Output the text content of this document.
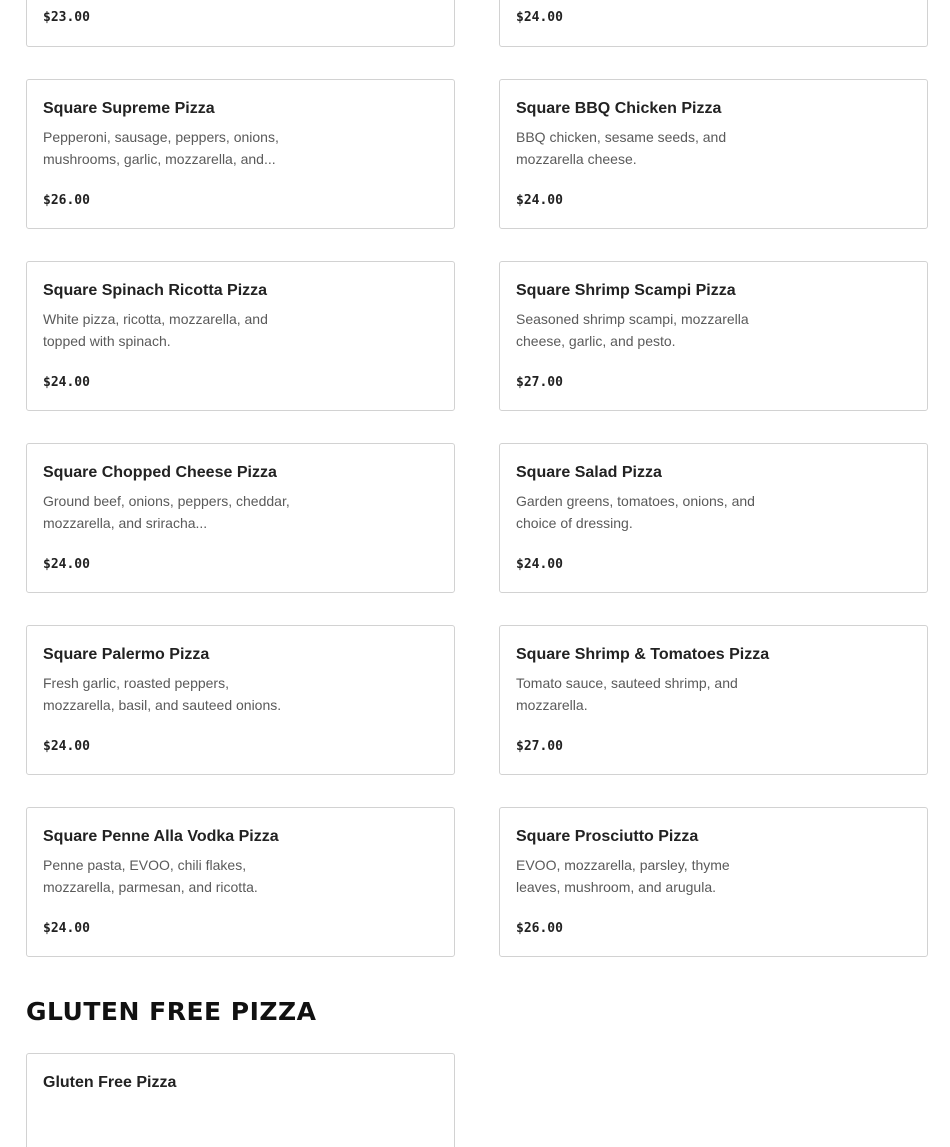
$23.00	$24.00
Square Supreme Pizza
Pepperoni, sausage, peppers, onions, mushrooms, garlic, mozzarella, and...
$26.00
Square BBQ Chicken Pizza
BBQ chicken, sesame seeds, and mozzarella cheese.
$24.00
Square Spinach Ricotta Pizza
White pizza, ricotta, mozzarella, and topped with spinach.
$24.00
Square Shrimp Scampi Pizza
Seasoned shrimp scampi, mozzarella cheese, garlic, and pesto.
$27.00
Square Chopped Cheese Pizza
Ground beef, onions, peppers, cheddar, mozzarella, and sriracha...
$24.00
Square Salad Pizza
Garden greens, tomatoes, onions, and choice of dressing.
$24.00
Square Palermo Pizza
Fresh garlic, roasted peppers, mozzarella, basil, and sauteed onions.
$24.00
Square Shrimp & Tomatoes Pizza
Tomato sauce, sauteed shrimp, and mozzarella.
$27.00
Square Penne Alla Vodka Pizza
Penne pasta, EVOO, chili flakes, mozzarella, parmesan, and ricotta.
$24.00
Square Prosciutto Pizza
EVOO, mozzarella, parsley, thyme leaves, mushroom, and arugula.
$26.00
GLUTEN FREE PIZZA
Gluten Free Pizza
